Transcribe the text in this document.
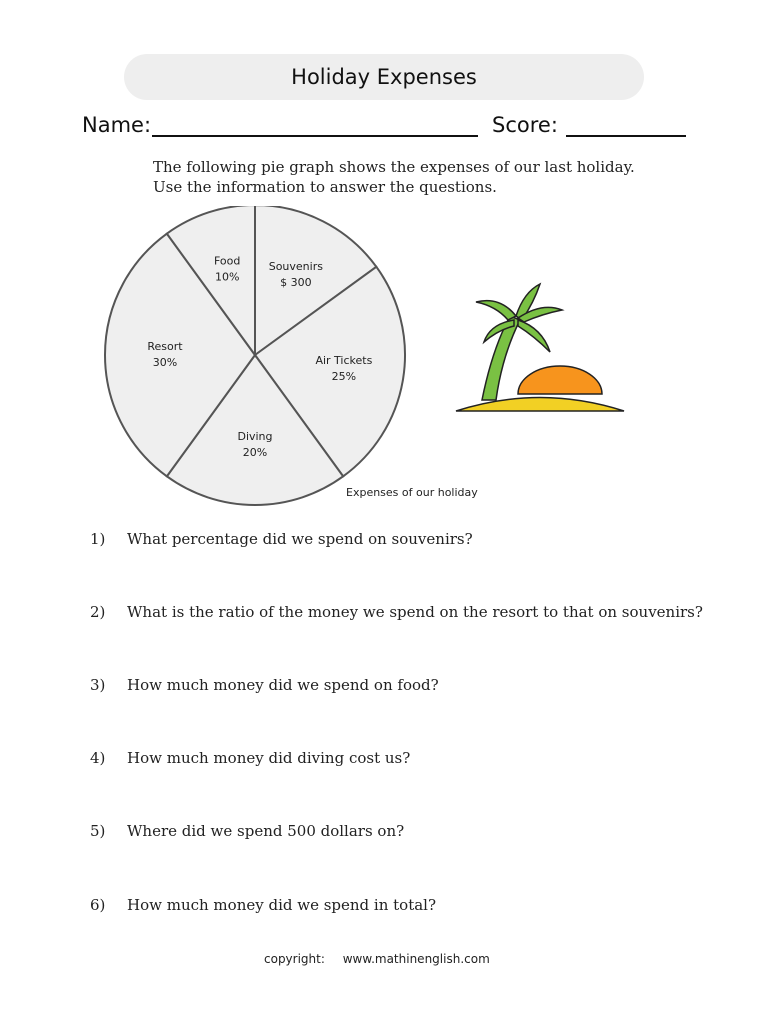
Holiday Expenses
Name:	Score:
The following pie graph shows the expenses of our last holiday.
Use the information to answer the questions.
Souvenirs
$ 300
Air Tickets
25%
Diving
20%
Resort
30%
Food
10%
Expenses of our holiday
1) What percentage did we spend on souvenirs?
2) What is the ratio of the money we spend on the resort to that on souvenirs?
3) How much money did we spend on food?
4) How much money did diving cost us?
5) Where did we spend 500 dollars on?
6) How much money did we spend in total?
copyright: www.mathinenglish.com
